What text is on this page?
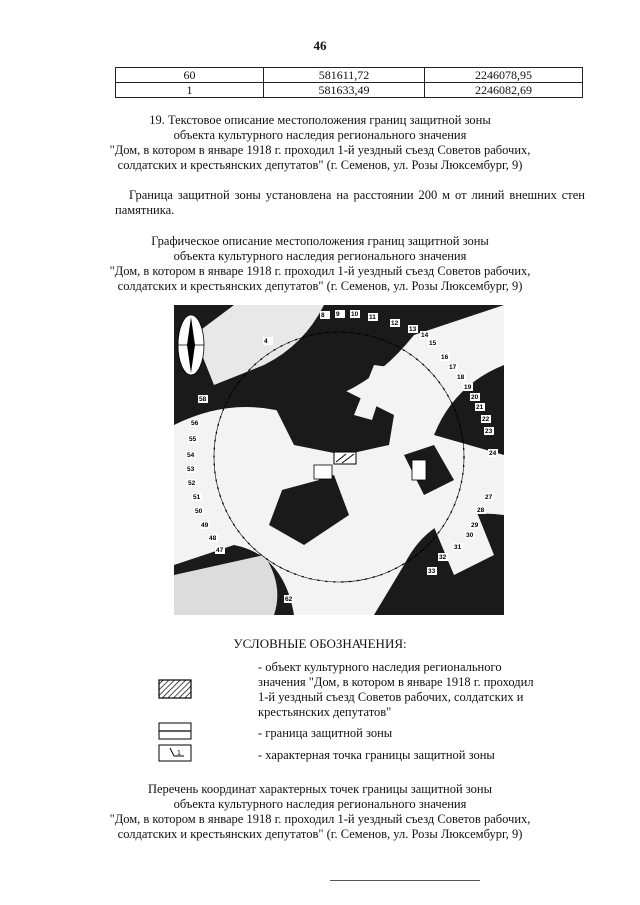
46
60	581611,72	2246078,95
1	581633,49	2246082,69
19. Текстовое описание местоположения границ защитной зоны
объекта культурного наследия регионального значения
"Дом, в котором в январе 1918 г. проходил 1-й уездный съезд Советов рабочих,
солдатских и крестьянских депутатов" (г. Семенов, ул. Розы Люксембург, 9)
Граница защитной зоны установлена на расстоянии 200 м от линий внешних стен памятника.
Графическое описание местоположения границ защитной зоны
объекта культурного наследия регионального значения
"Дом, в котором в январе 1918 г. проходил 1-й уездный съезд Советов рабочих,
солдатских и крестьянских депутатов" (г. Семенов, ул. Розы Люксембург, 9)
8 9 10 11
12
13
14
15
16
17
18
19
20
21
22
23
24
27
28
29
30
31
32
33
47
48
49
50
51
52
53
54
55
56
58
4
62
УСЛОВНЫЕ ОБОЗНАЧЕНИЯ:
- объект культурного наследия регионального
значения "Дом, в котором в январе 1918 г. проходил
1-й уездный съезд Советов рабочих, солдатских и
крестьянских депутатов"
- граница защитной зоны
1	- характерная точка границы защитной зоны
Перечень координат характерных точек границы защитной зоны
объекта культурного наследия регионального значения
"Дом, в котором в январе 1918 г. проходил 1-й уездный съезд Советов рабочих,
солдатских и крестьянских депутатов" (г. Семенов, ул. Розы Люксембург, 9)
